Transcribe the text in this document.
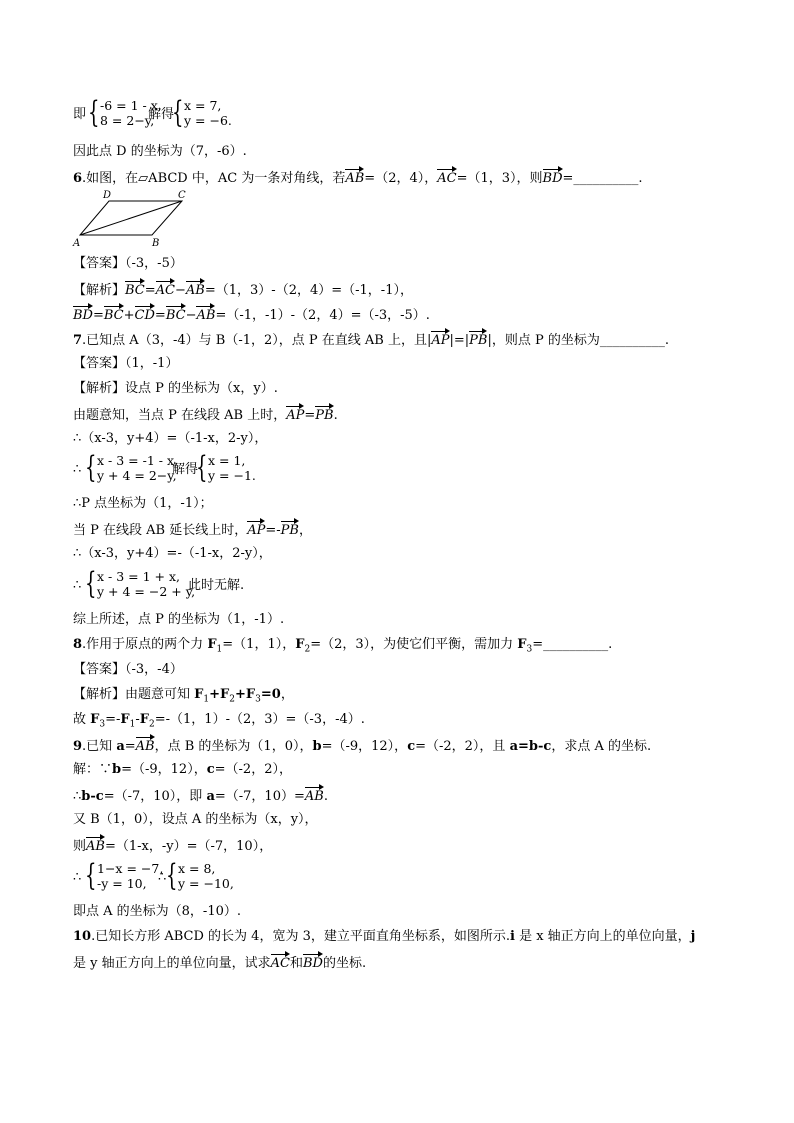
即 { -6 = 1 - x,
8 = 2−y,
解得
{ x = 7,
y = −6.
因此点 D 的坐标为（7，-6）.
6.如图，在▱ABCD 中，AC 为一条对角线，若AB=（2，4），AC=（1，3），则BD=__________.
A	B
C
D
【答案】（-3，-5）
【解析】BC=AC−AB=（1，3）-（2，4）=（-1，-1），
BD=BC+CD=BC−AB=（-1，-1）-（2，4）=（-3，-5）.
7.已知点 A（3，-4）与 B（-1，2），点 P 在直线 AB 上，且|AP|=|PB|，则点 P 的坐标为__________.
【答案】（1，-1）
【解析】设点 P 的坐标为（x，y）.
由题意知，当点 P 在线段 AB 上时，AP=PB.
∴（x-3，y+4）=（-1-x，2-y），
∴ { x - 3 = -1 - x,
y + 4 = 2−y,
解得
{ x = 1,
y = −1.
∴P 点坐标为（1，-1）；
当 P 在线段 AB 延长线上时，AP=-PB，
∴（x-3，y+4）=-（-1-x，2-y），
∴ { x - 3 = 1 + x,
y + 4 = −2 + y,
此时无解.
综上所述，点 P 的坐标为（1，-1）.
8.作用于原点的两个力 $F_1=(1$，1），$F_2=(2$，3），为使它们平衡，需加力 $F_3=\_\_\_\_\_\_\_\_\_\_$.
【答案】（-3，-4）
【解析】由题意可知 $F_1+F_2+F_3=0$，
故 $F_3=-F_1-F_2=-(1$，1）-（2，3）=（-3，-4）.
9.已知 a=AB，点 B 的坐标为（1，0），b=（-9，12），c=（-2，2），且 a=b-c，求点 A 的坐标.
解：∵b=（-9，12），c=（-2，2），
∴b-c=（-7，10），即 a=（-7，10）=AB.
又 B（1，0），设点 A 的坐标为（x，y），
则AB=（1-x，-y）=（-7，10），
∴ { 1−x = −7,
-y = 10, ∴ { x = 8,
y = −10,
即点 A 的坐标为（8，-10）.
10.已知长方形 ABCD 的长为 4，宽为 3，建立平面直角坐标系，如图所示.i 是 x 轴正方向上的单位向量，j
是 y 轴正方向上的单位向量，试求AC和BD的坐标.
